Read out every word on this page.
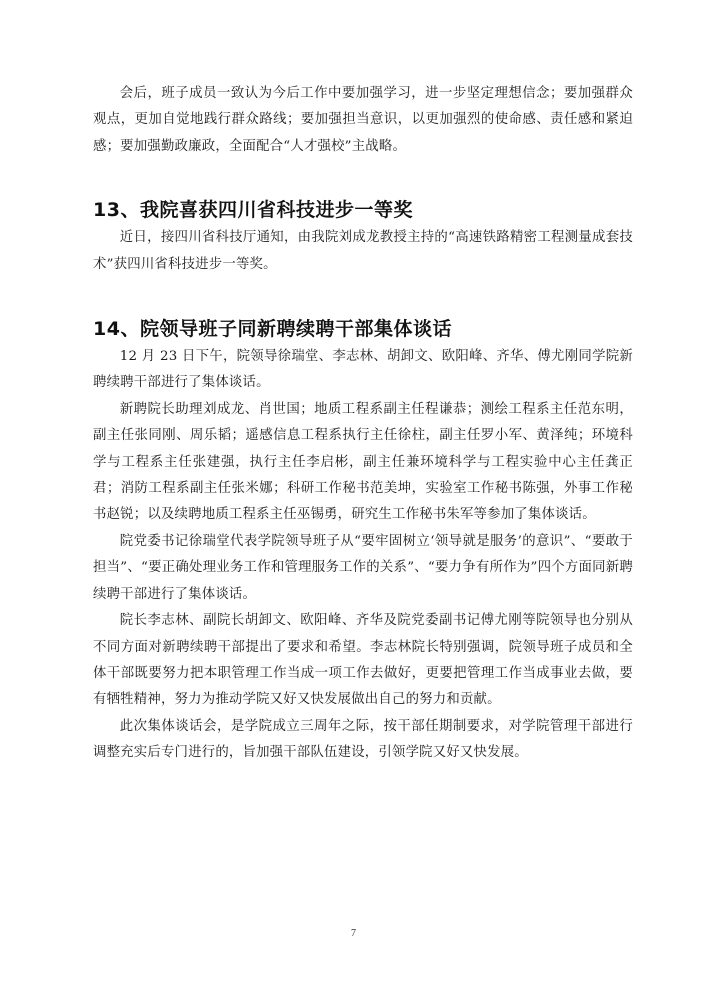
会后，班子成员一致认为今后工作中要加强学习，进一步坚定理想信念；要加强群众观点，更加自觉地践行群众路线；要加强担当意识，以更加强烈的使命感、责任感和紧迫感；要加强勤政廉政，全面配合“人才强校”主战略。

13、我院喜获四川省科技进步一等奖

近日，接四川省科技厅通知，由我院刘成龙教授主持的“高速铁路精密工程测量成套技术”获四川省科技进步一等奖。

14、院领导班子同新聘续聘干部集体谈话

12 月 23 日下午，院领导徐瑞堂、李志林、胡卸文、欧阳峰、齐华、傅尤刚同学院新聘续聘干部进行了集体谈话。

新聘院长助理刘成龙、肖世国；地质工程系副主任程谦恭；测绘工程系主任范东明，副主任张同刚、周乐韬；遥感信息工程系执行主任徐柱，副主任罗小军、黄泽纯；环境科学与工程系主任张建强，执行主任李启彬，副主任兼环境科学与工程实验中心主任龚正君；消防工程系副主任张米娜；科研工作秘书范美坤，实验室工作秘书陈强，外事工作秘书赵锐；以及续聘地质工程系主任巫锡勇，研究生工作秘书朱军等参加了集体谈话。

院党委书记徐瑞堂代表学院领导班子从“要牢固树立‘领导就是服务’的意识”、“要敢于担当”、“要正确处理业务工作和管理服务工作的关系”、“要力争有所作为”四个方面同新聘续聘干部进行了集体谈话。

院长李志林、副院长胡卸文、欧阳峰、齐华及院党委副书记傅尤刚等院领导也分别从不同方面对新聘续聘干部提出了要求和希望。李志林院长特别强调，院领导班子成员和全体干部既要努力把本职管理工作当成一项工作去做好，更要把管理工作当成事业去做，要有牺牲精神，努力为推动学院又好又快发展做出自己的努力和贡献。

此次集体谈话会，是学院成立三周年之际，按干部任期制要求，对学院管理干部进行调整充实后专门进行的，旨加强干部队伍建设，引领学院又好又快发展。

7
